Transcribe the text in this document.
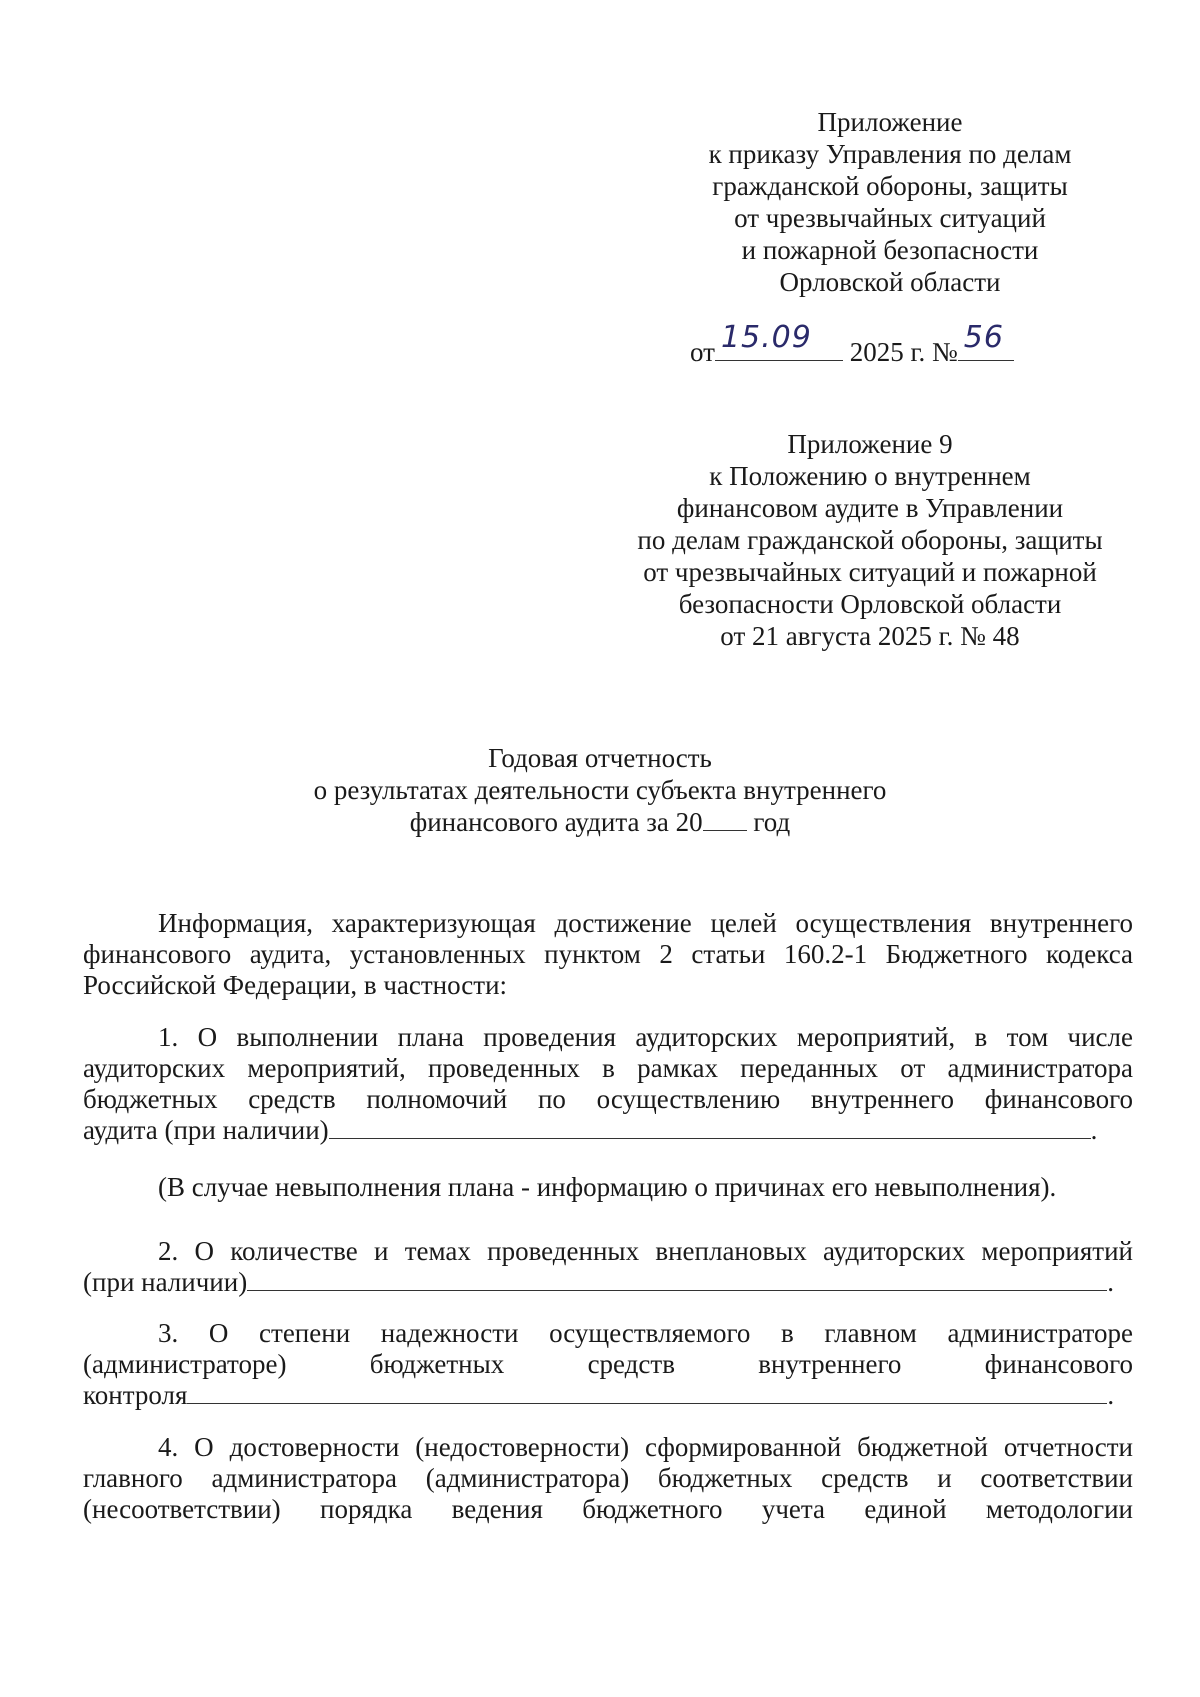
Приложение
к приказу Управления по делам
гражданской обороны, защиты
от чрезвычайных ситуаций
и пожарной безопасности
Орловской области
от 15.09 2025 г. № 56
Приложение 9
к Положению о внутреннем
финансовом аудите в Управлении
по делам гражданской обороны, защиты
от чрезвычайных ситуаций и пожарной
безопасности Орловской области
от 21 августа 2025 г. № 48
Годовая отчетность
о результатах деятельности субъекта внутреннего
финансового аудита за 20 год
Информация, характеризующая достижение целей осуществления внутреннего
финансового аудита, установленных пунктом 2 статьи 160.2-1 Бюджетного кодекса
Российской Федерации, в частности:
1. О выполнении плана проведения аудиторских мероприятий, в том числе
аудиторских мероприятий, проведенных в рамках переданных от администратора
бюджетных средств полномочий по осуществлению внутреннего финансового
аудита (при наличии)	.
(В случае невыполнения плана - информацию о причинах его невыполнения).
2. О количестве и темах проведенных внеплановых аудиторских мероприятий
(при наличии)	.
3. О степени надежности осуществляемого в главном администраторе
(администраторе) бюджетных средств внутреннего финансового
контроля	.
4. О достоверности (недостоверности) сформированной бюджетной отчетности
главного администратора (администратора) бюджетных средств и соответствии
(несоответствии) порядка ведения бюджетного учета единой методологии
